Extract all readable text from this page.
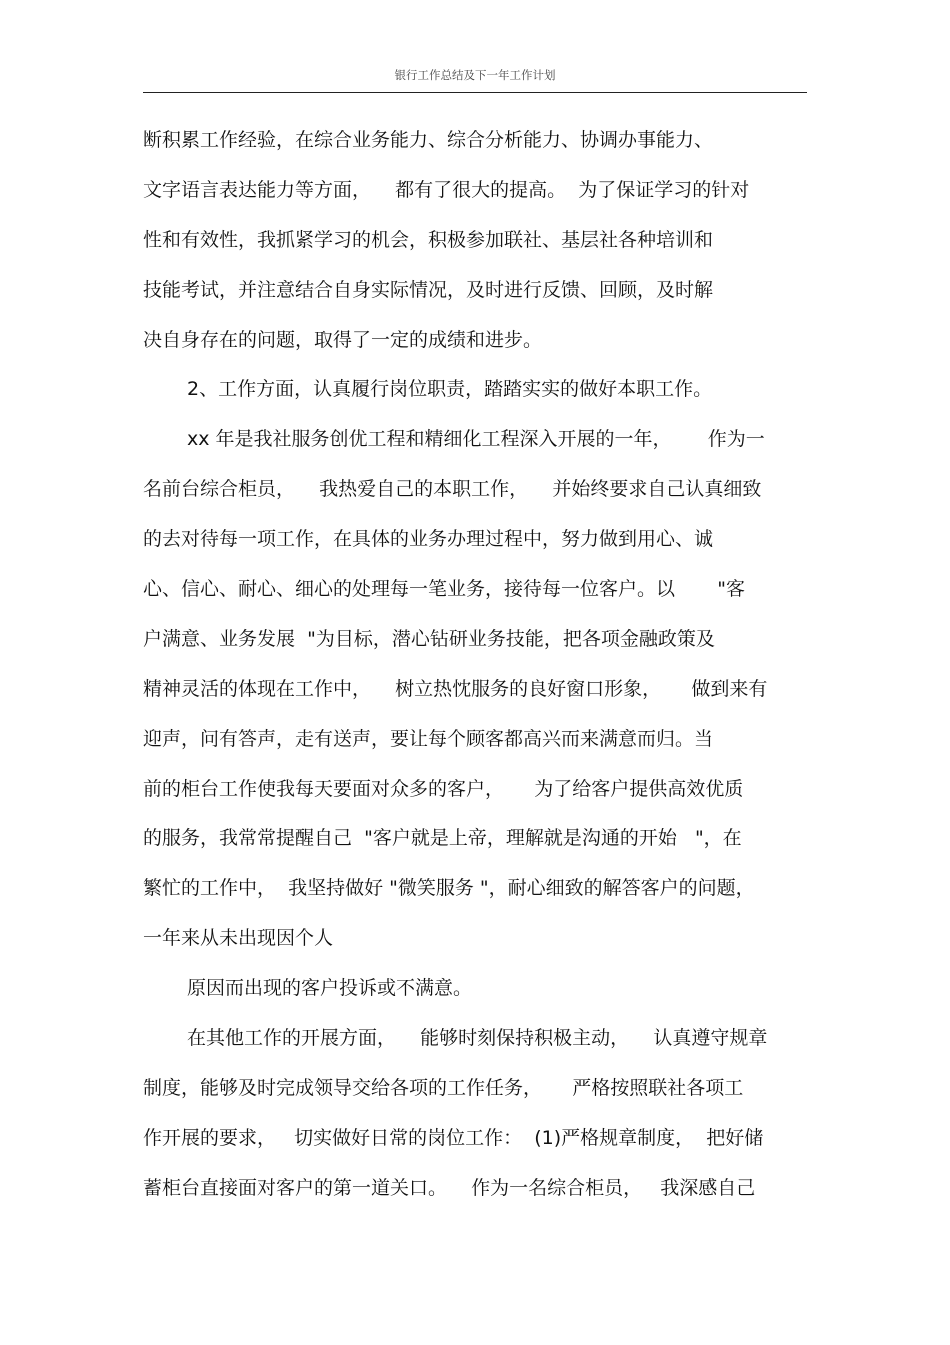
银行工作总结及下一年工作计划
断积累工作经验，在综合业务能力、综合分析能力、协调办事能力、
文字语言表达能力等方面，    都有了很大的提高。  为了保证学习的针对
性和有效性，我抓紧学习的机会，积极参加联社、基层社各种培训和
技能考试，并注意结合自身实际情况，及时进行反馈、回顾，及时解
决自身存在的问题，取得了一定的成绩和进步。
2、工作方面，认真履行岗位职责，踏踏实实的做好本职工作。
xx 年是我社服务创优工程和精细化工程深入开展的一年，      作为一
名前台综合柜员，    我热爱自己的本职工作，    并始终要求自己认真细致
的去对待每一项工作，在具体的业务办理过程中，努力做到用心、诚
心、信心、耐心、细心的处理每一笔业务，接待每一位客户。以       "客
户满意、业务发展  "为目标，潜心钻研业务技能，把各项金融政策及
精神灵活的体现在工作中，    树立热忱服务的良好窗口形象，     做到来有
迎声，问有答声，走有送声，要让每个顾客都高兴而来满意而归。当
前的柜台工作使我每天要面对众多的客户，     为了给客户提供高效优质
的服务，我常常提醒自己  "客户就是上帝，理解就是沟通的开始   "，在
繁忙的工作中，  我坚持做好 "微笑服务 "，耐心细致的解答客户的问题，
一年来从未出现因个人
原因而出现的客户投诉或不满意。
在其他工作的开展方面，    能够时刻保持积极主动，    认真遵守规章
制度，能够及时完成领导交给各项的工作任务，     严格按照联社各项工
作开展的要求，   切实做好日常的岗位工作：  (1)严格规章制度，  把好储
蓄柜台直接面对客户的第一道关口。    作为一名综合柜员，   我深感自己
